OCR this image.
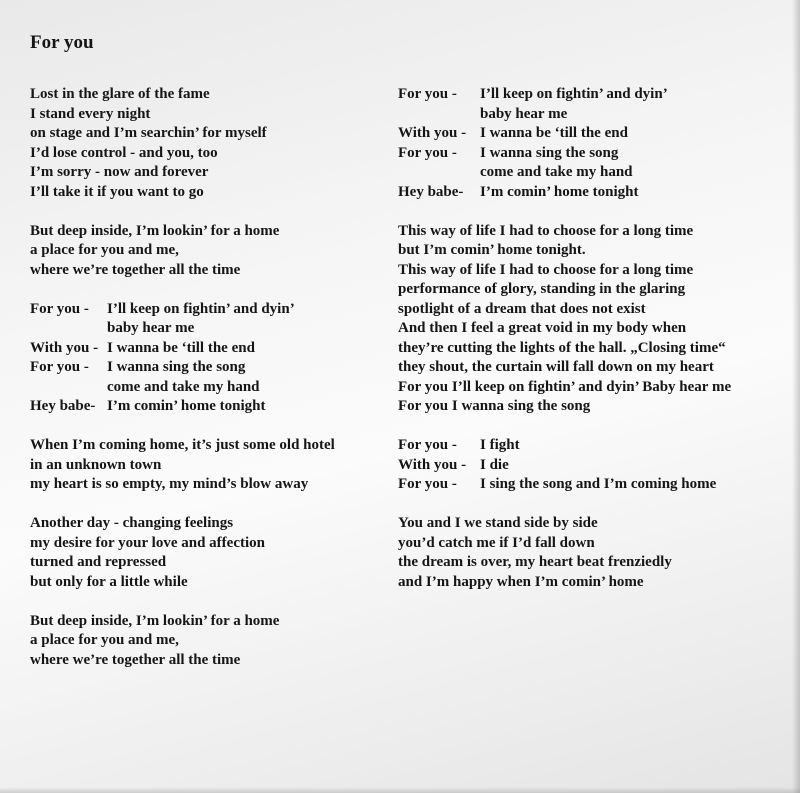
For you
Lost in the glare of the fame
I stand every night
on stage and I’m searchin’ for myself
I’d lose control - and you, too
I’m sorry - now and forever
I’ll take it if you want to go
But deep inside, I’m lookin’ for a home
a place for you and me,
where we’re together all the time
For you -	I’ll keep on fightin’ and dyin’
baby hear me
With you - I wanna be ‘till the end
For you -	I wanna sing the song
come and take my hand
Hey babe- I’m comin’ home tonight
When I’m coming home, it’s just some old hotel
in an unknown town
my heart is so empty, my mind’s blow away
Another day - changing feelings
my desire for your love and affection
turned and repressed
but only for a little while
But deep inside, I’m lookin’ for a home
a place for you and me,
where we’re together all the time
For you -	I’ll keep on fightin’ and dyin’
baby hear me
With you - I wanna be ‘till the end
For you -	I wanna sing the song
come and take my hand
Hey babe-	I’m comin’ home tonight
This way of life I had to choose for a long time
but I’m comin’ home tonight.
This way of life I had to choose for a long time
performance of glory, standing in the glaring
spotlight of a dream that does not exist
And then I feel a great void in my body when
they’re cutting the lights of the hall. „Closing time“
they shout, the curtain will fall down on my heart
For you I’ll keep on fightin’ and dyin’ Baby hear me
For you I wanna sing the song
For you -	I fight
With you - I die
For you -	I sing the song and I’m coming home
You and I we stand side by side
you’d catch me if I’d fall down
the dream is over, my heart beat frenziedly
and I’m happy when I’m comin’ home
